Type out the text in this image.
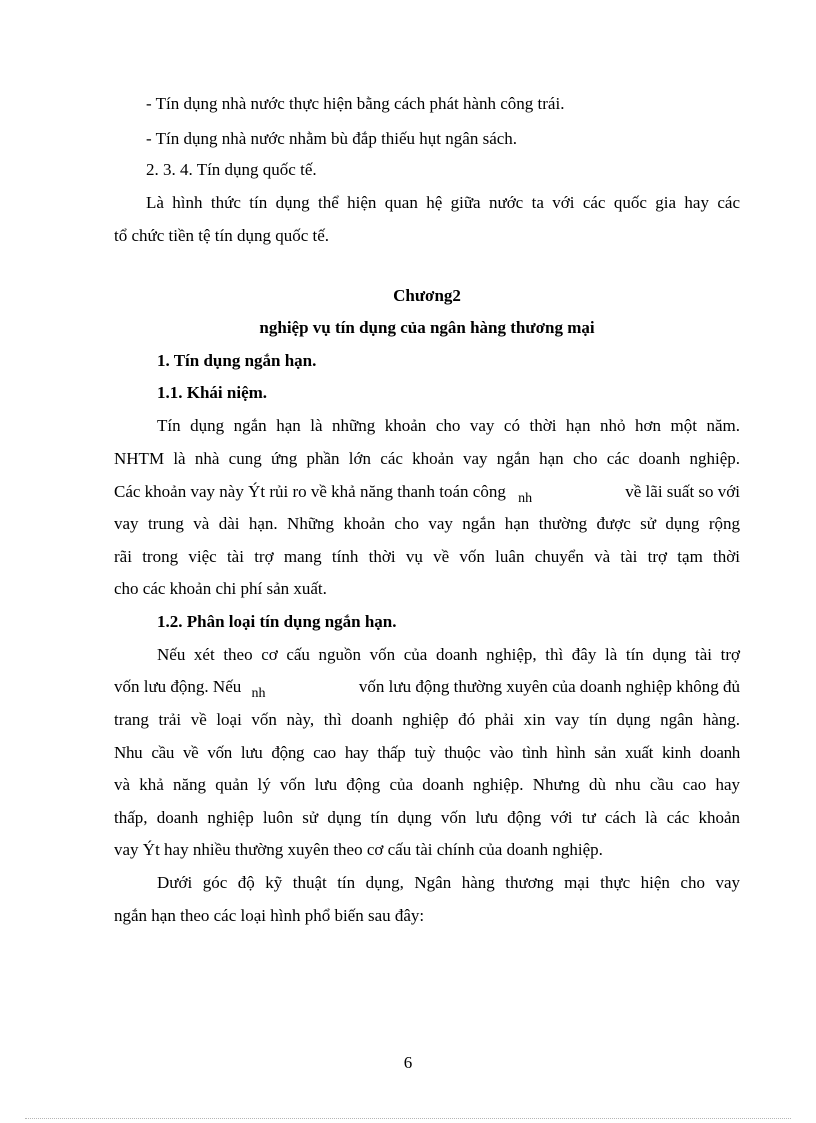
- Tín dụng nhà nước thực hiện bằng cách phát hành công trái.
- Tín dụng nhà nước nhằm bù đắp thiếu hụt ngân sách.
2. 3. 4. Tín dụng quốc tế.
Là hình thức tín dụng thể hiện quan hệ giữa nước ta với các quốc gia hay các
tổ chức tiền tệ tín dụng quốc tế.
Chương2
nghiệp vụ tín dụng của ngân hàng thương mại
1. Tín dụng ngắn hạn.
1.1. Khái niệm.
Tín dụng ngắn hạn là những khoản cho vay có thời hạn nhỏ hơn một năm.
NHTM là nhà cung ứng phần lớn các khoản vay ngắn hạn cho các doanh nghiệp.
Các khoản vay này Ýt rủi ro về khả năng thanh toán công $_{nh}$	về lãi suất so với
vay trung và dài hạn. Những khoản cho vay ngắn hạn thường được sử dụng rộng
rãi trong việc tài trợ mang tính thời vụ về vốn luân chuyển và tài trợ tạm thời
cho các khoản chi phí sản xuất.
1.2. Phân loại tín dụng ngắn hạn.
Nếu xét theo cơ cấu nguồn vốn của doanh nghiệp, thì đây là tín dụng tài trợ
vốn lưu động. Nếu $_{nh}$	vốn lưu động thường xuyên của doanh nghiệp không đủ
trang trải về loại vốn này, thì doanh nghiệp đó phải xin vay tín dụng ngân hàng.
Nhu cầu về vốn lưu động cao hay thấp tuỳ thuộc vào tình hình sản xuất kinh doanh
và khả năng quản lý vốn lưu động của doanh nghiệp. Nhưng dù nhu cầu cao hay
thấp, doanh nghiệp luôn sử dụng tín dụng vốn lưu động với tư cách là các khoản
vay Ýt hay nhiều thường xuyên theo cơ cấu tài chính của doanh nghiệp.
Dưới góc độ kỹ thuật tín dụng, Ngân hàng thương mại thực hiện cho vay
ngắn hạn theo các loại hình phổ biến sau đây:
6
